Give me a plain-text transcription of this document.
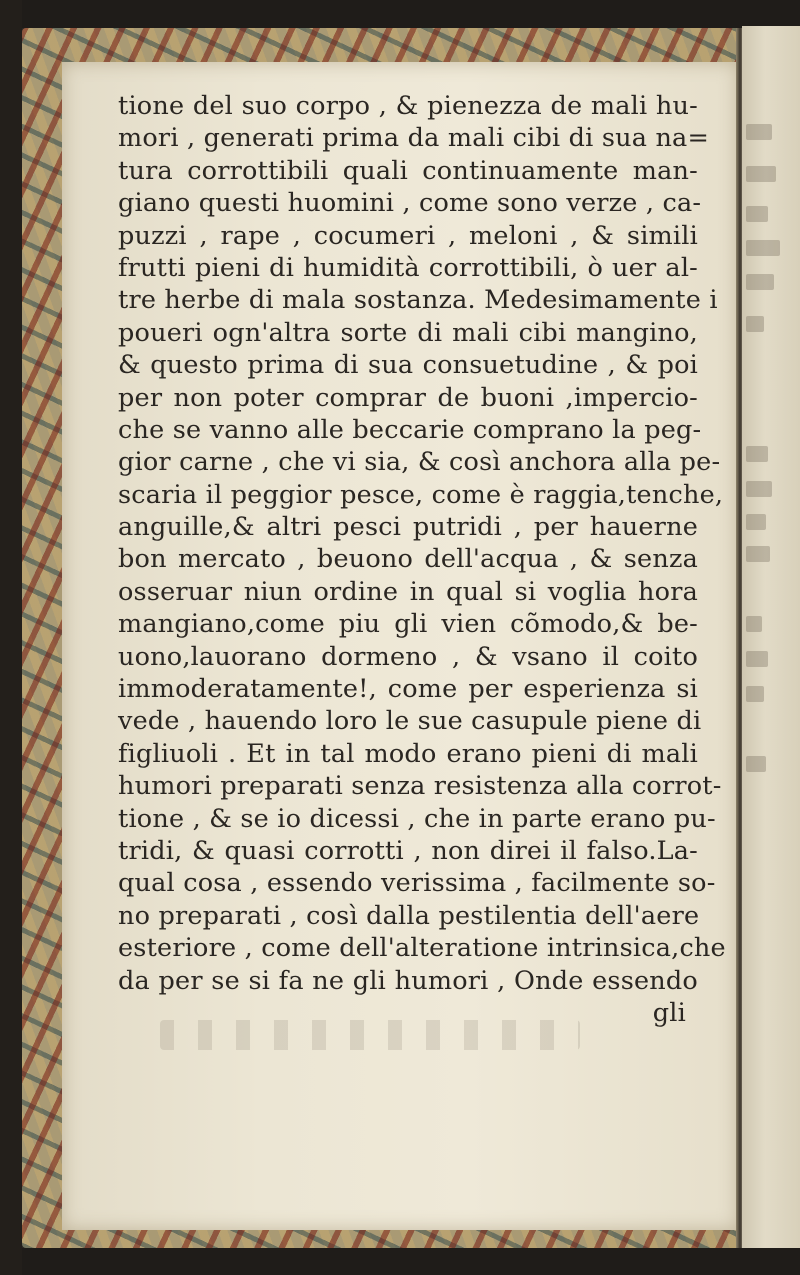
tione del suo corpo , & pienezza de mali hu-
mori , generati prima da mali cibi di sua na=
tura corrottibili quali continuamente man-
giano questi huomini , come sono verze , ca-
puzzi , rape , cocumeri , meloni , & simili
frutti pieni di humidità corrottibili, ò uer al-
tre herbe di mala sostanza. Medesimamente i
poueri ogn'altra sorte di mali cibi mangino,
& questo prima di sua consuetudine , & poi
per non poter comprar de buoni ,impercio-
che se vanno alle beccarie comprano la peg-
gior carne , che vi sia, & così anchora alla pe-
scaria il peggior pesce, come è raggia,tenche,
anguille,& altri pesci putridi , per hauerne
bon mercato , beuono dell'acqua , & senza
osseruar niun ordine in qual si voglia hora
mangiano,come piu gli vien cõmodo,& be-
uono,lauorano dormeno , & vsano il coito
immoderatamente!, come per esperienza si
vede , hauendo loro le sue casupule piene di
figliuoli . Et in tal modo erano pieni di mali
humori preparati senza resistenza alla corrot-
tione , & se io dicessi , che in parte erano pu-
tridi, & quasi corrotti , non direi il falso.La-
qual cosa , essendo verissima , facilmente so-
no preparati , così dalla pestilentia dell'aere
esteriore , come dell'alteratione intrinsica,che
da per se si fa ne gli humori , Onde essendo
gli
